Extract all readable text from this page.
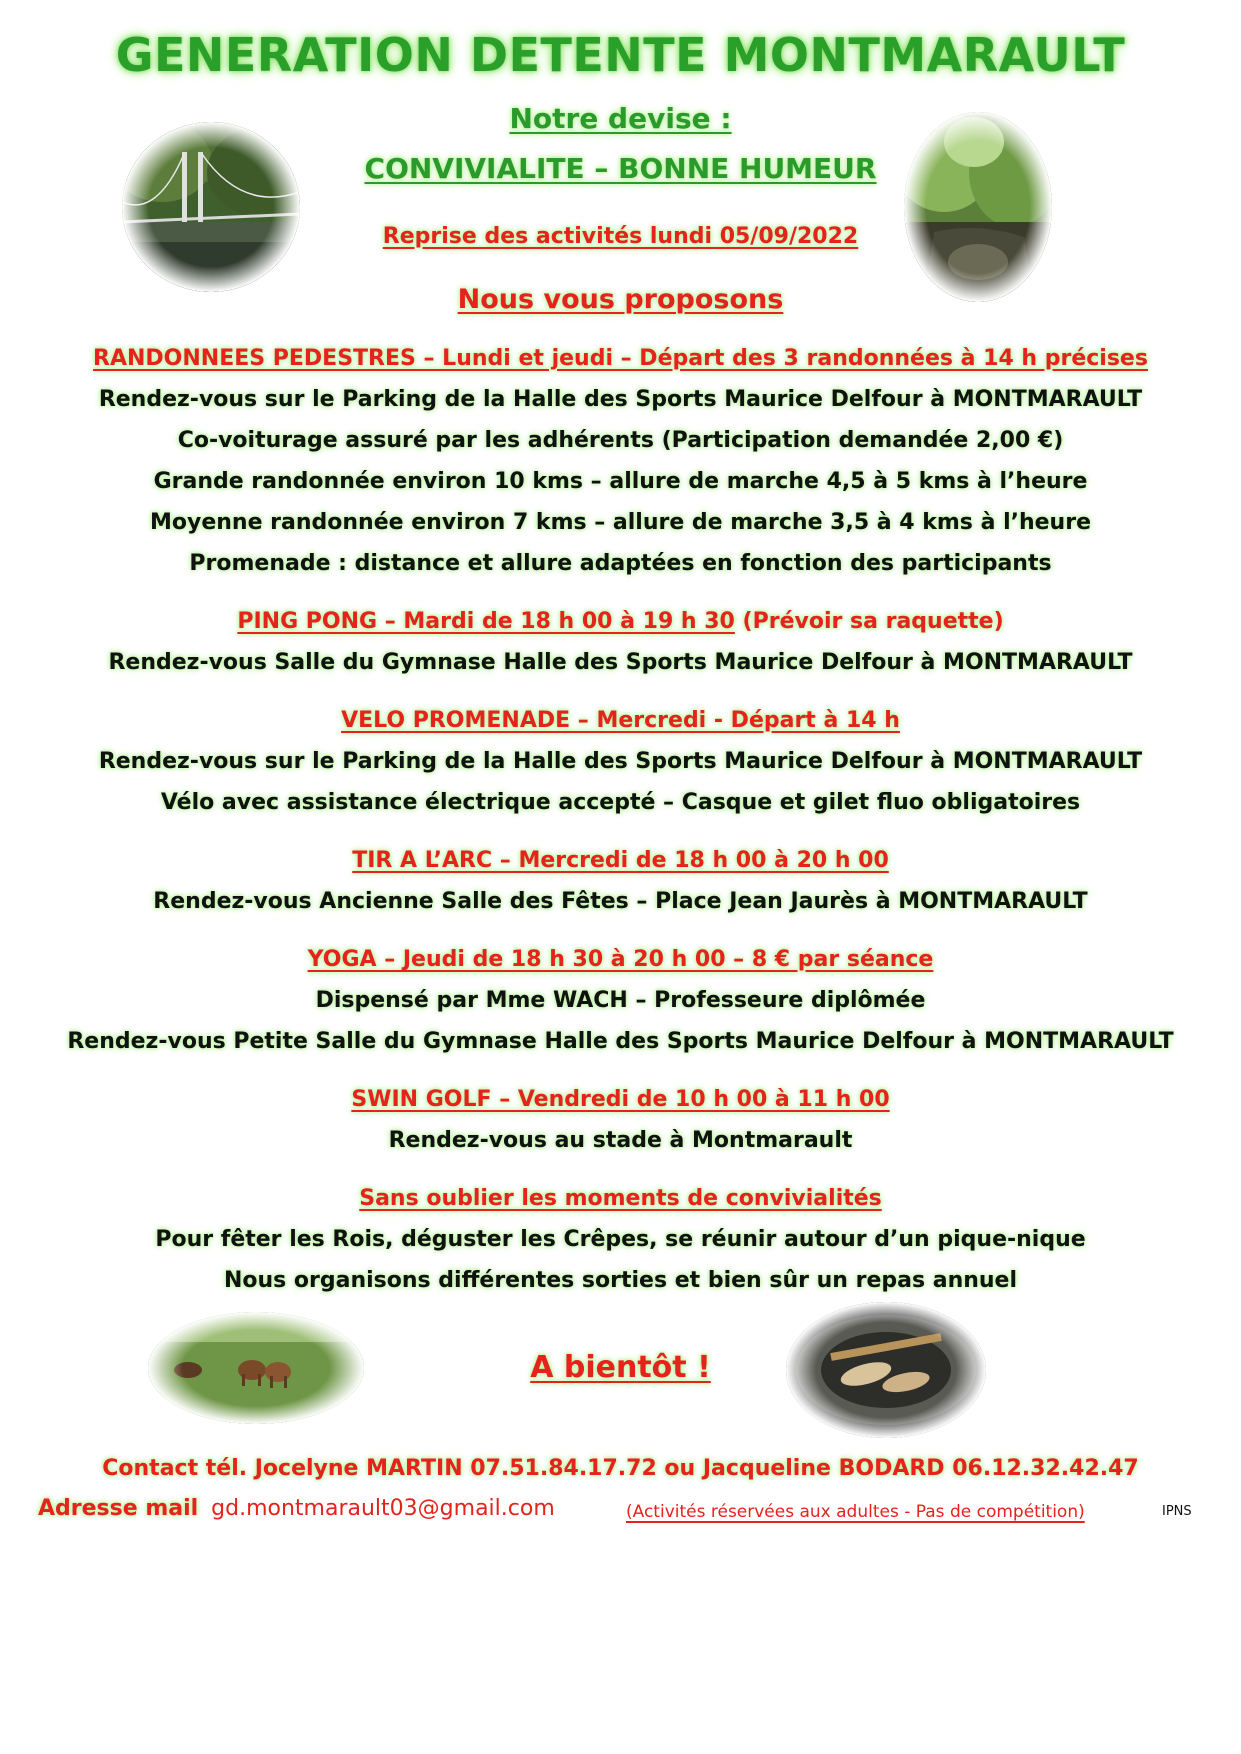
GENERATION DETENTE MONTMARAULT
Notre devise :
CONVIVIALITE – BONNE HUMEUR
Reprise des activités lundi 05/09/2022
Nous vous proposons
RANDONNEES PEDESTRES – Lundi et jeudi – Départ des 3 randonnées à 14 h précises
Rendez-vous sur le Parking de la Halle des Sports Maurice Delfour à MONTMARAULT
Co-voiturage assuré par les adhérents (Participation demandée 2,00 €)
Grande randonnée environ 10 kms – allure de marche 4,5 à 5 kms à l’heure
Moyenne randonnée environ 7 kms – allure de marche 3,5 à 4 kms à l’heure
Promenade : distance et allure adaptées en fonction des participants
PING PONG – Mardi de 18 h 00 à 19 h 30 (Prévoir sa raquette)
Rendez-vous Salle du Gymnase Halle des Sports Maurice Delfour à MONTMARAULT
VELO PROMENADE – Mercredi - Départ à 14 h
Rendez-vous sur le Parking de la Halle des Sports Maurice Delfour à MONTMARAULT
Vélo avec assistance électrique accepté – Casque et gilet fluo obligatoires
TIR A L’ARC – Mercredi de 18 h 00 à 20 h 00
Rendez-vous Ancienne Salle des Fêtes – Place Jean Jaurès à MONTMARAULT
YOGA – Jeudi de 18 h 30 à 20 h 00 – 8 € par séance
Dispensé par Mme WACH – Professeure diplômée
Rendez-vous Petite Salle du Gymnase Halle des Sports Maurice Delfour à MONTMARAULT
SWIN GOLF – Vendredi de 10 h 00 à 11 h 00
Rendez-vous au stade à Montmarault
Sans oublier les moments de convivialités
Pour fêter les Rois, déguster les Crêpes, se réunir autour d’un pique-nique
Nous organisons différentes sorties et bien sûr un repas annuel
A bientôt !
Contact tél. Jocelyne MARTIN 07.51.84.17.72 ou Jacqueline BODARD 06.12.32.42.47
Adresse mail gd.montmarault03@gmail.com	(Activités réservées aux adultes - Pas de compétition)	IPNS
